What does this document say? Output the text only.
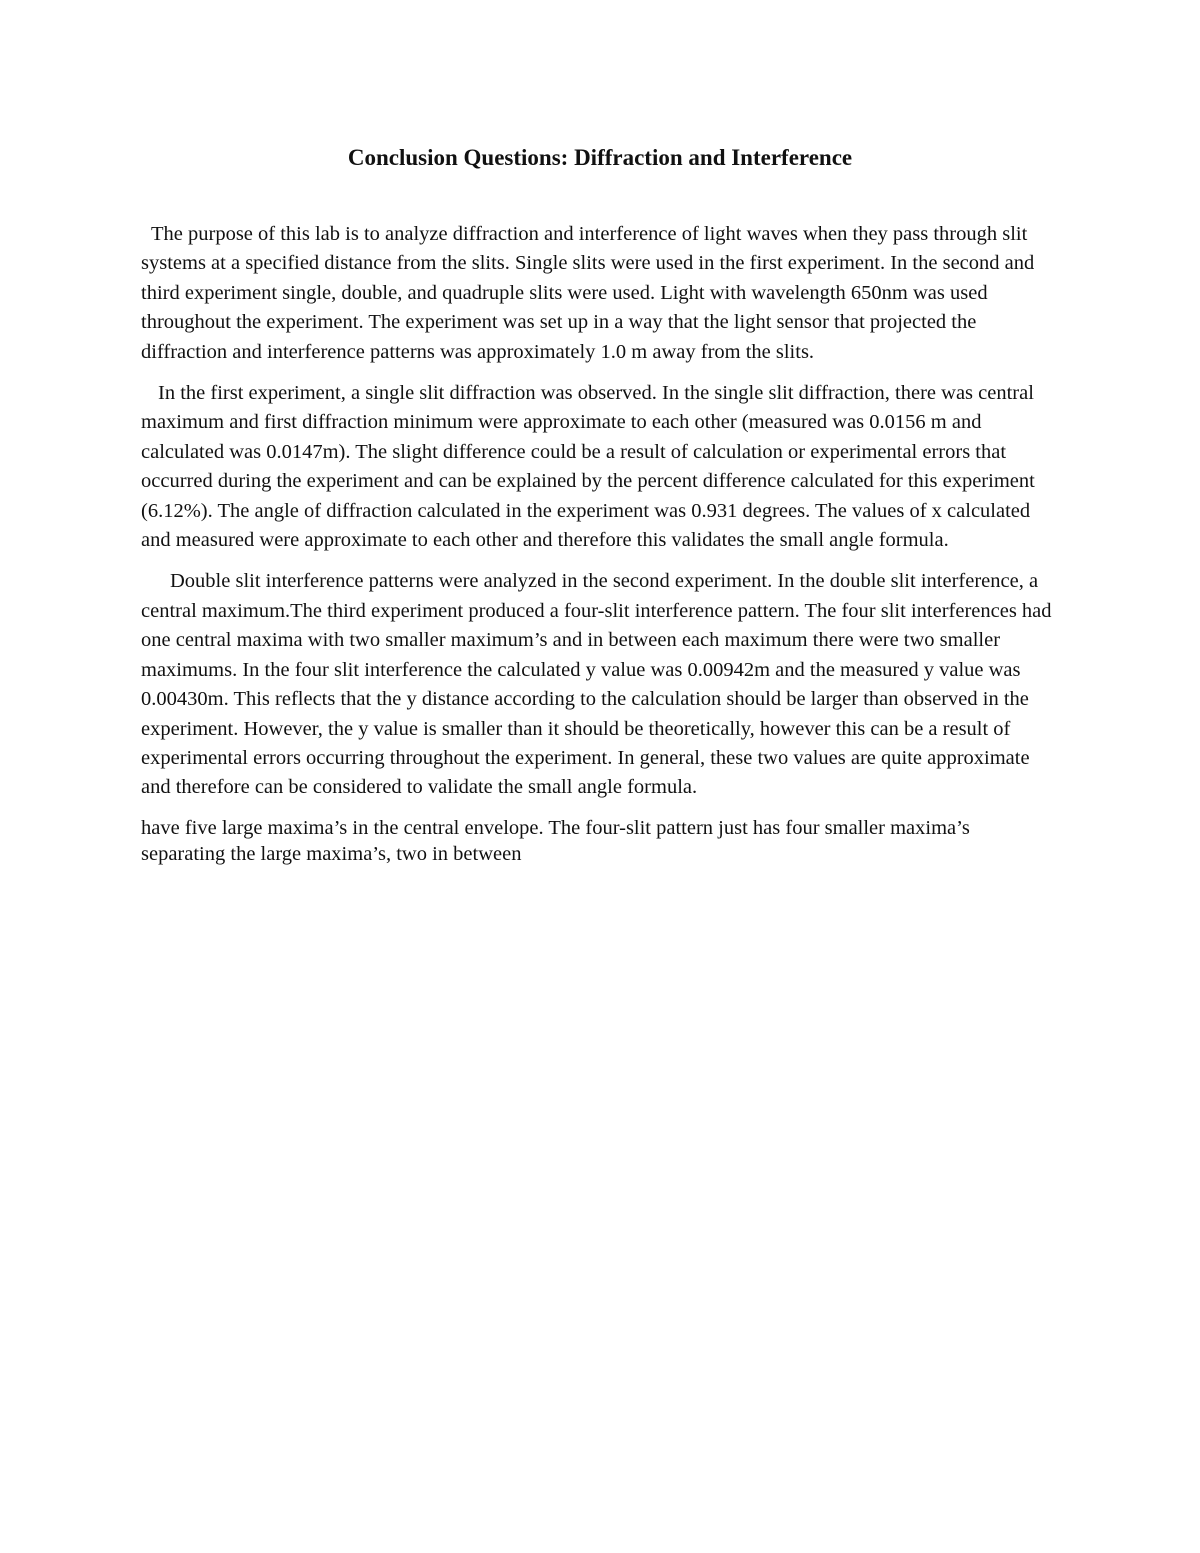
Conclusion Questions: Diffraction and Interference

The purpose of this lab is to analyze diffraction and interference of light waves when they pass through slit systems at a specified distance from the slits. Single slits were used in the first experiment. In the second and third experiment single, double, and quadruple slits were used. Light with wavelength 650nm was used throughout the experiment. The experiment was set up in a way that the light sensor that projected the diffraction and interference patterns was approximately 1.0 m away from the slits.

In the first experiment, a single slit diffraction was observed. In the single slit diffraction, there was central maximum and first diffraction minimum were approximate to each other (measured was 0.0156 m and calculated was 0.0147m). The slight difference could be a result of calculation or experimental errors that occurred during the experiment and can be explained by the percent difference calculated for this experiment (6.12%). The angle of diffraction calculated in the experiment was 0.931 degrees. The values of x calculated and measured were approximate to each other and therefore this validates the small angle formula.

Double slit interference patterns were analyzed in the second experiment. In the double slit interference, a central maximum.The third experiment produced a four-slit interference pattern. The four slit interferences had one central maxima with two smaller maximum’s and in between each maximum there were two smaller maximums. In the four slit interference the calculated y value was 0.00942m and the measured y value was 0.00430m. This reflects that the y distance according to the calculation should be larger than observed in the experiment. However, the y value is smaller than it should be theoretically, however this can be a result of experimental errors occurring throughout the experiment. In general, these two values are quite approximate and therefore can be considered to validate the small angle formula.

have five large maxima’s in the central envelope. The four-slit pattern just has four smaller maxima’s
separating the large maxima’s, two in between
